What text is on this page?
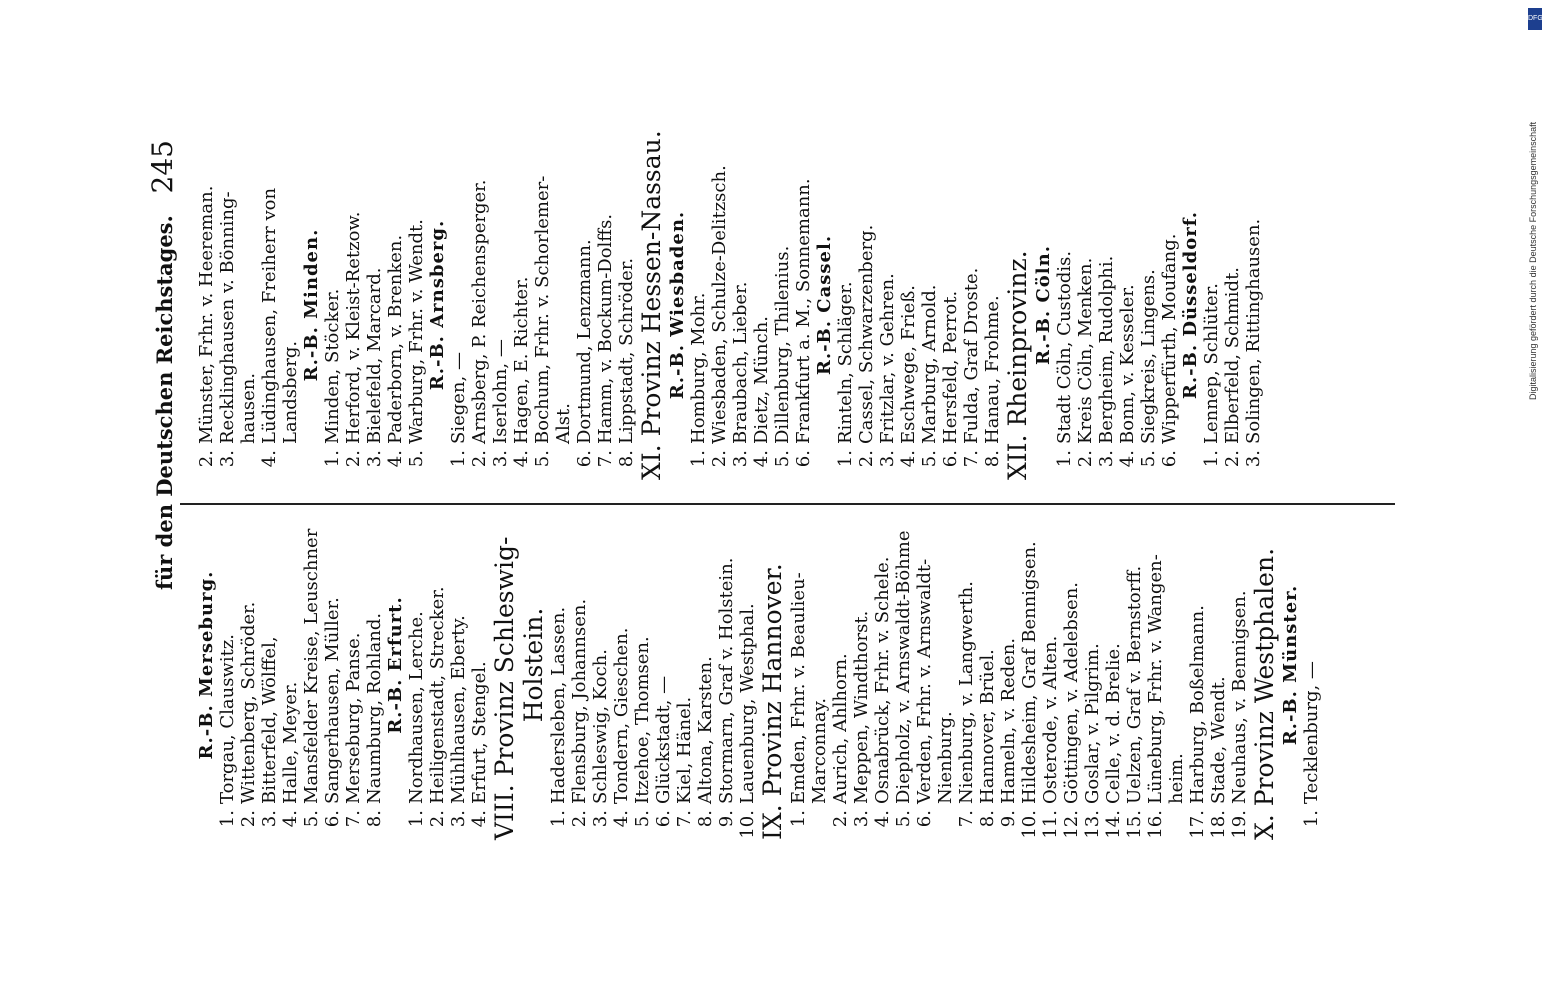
für den Deutschen Reichstages.
245
R.-B. Merseburg.
1.Torgau, Clauswitz.
2.Wittenberg, Schröder.
3.Bitterfeld, Wölffel,
4.Halle, Meyer.
5.Mansfelder Kreise, Leuschner
6.Sangerhausen, Müller.
7.Merseburg, Panse.
8.Naumburg, Rohland. R.-B. Erfurt.
1.Nordhausen, Lerche.
2.Heiligenstadt, Strecker.
3.Mühlhausen, Eberty.
4.Erfurt, Stengel. VIII. Provinz Schleswig- Holstein.
1.Hadersleben, Lassen.
2.Flensburg, Johannsen.
3.Schleswig, Koch.
4.Tondern, Gieschen.
5.Itzehoe, Thomsen.
6.Glückstadt, —
7.Kiel, Hänel.
8.Altona, Karsten.
9.Stormarn, Graf v. Holstein.
10.Lauenburg, Westphal. IX. Provinz Hannover. 1.Emden, Frhr. v. Beaulieu- Marconnay.
2.Aurich, Ahlhorn.
3.Meppen, Windthorst.
4.Osnabrück, Frhr. v. Schele.
5.Diepholz, v. Arnswaldt-Böhme
6.Verden, Frhr. v. Arnswaldt- Nienburg.
7.Nienburg, v. Langwerth.
8.Hannover, Brüel.
9.Hameln, v. Reden.
10.Hildesheim, Graf Bennigsen.
11.Osterode, v. Alten.
12.Göttingen, v. Adelebsen.
13.Goslar, v. Pilgrim.
14.Celle, v. d. Brelie.
15.Uelzen, Graf v. Bernstorff.
16.Lüneburg, Frhr. v. Wangen- heim.
17.Harburg, Boßelmann.
18.Stade, Wendt.
19.Neuhaus, v. Bennigsen. X. Provinz Westphalen. R.-B. Münster.
1.Tecklenburg, —
2.Münster, Frhr. v. Heereman.
3.Recklinghausen v. Bönning- hausen.
4.Lüdinghausen, Freiherr von Landsberg.
R.-B. Minden.
1.Minden, Stöcker.
2.Herford, v. Kleist-Retzow.
3.Bielefeld, Marcard.
4.Paderborn, v. Brenken.
5.Warburg, Frhr. v. Wendt. R.-B. Arnsberg.
1.Siegen, —
2.Arnsberg, P. Reichensperger.
3.Iserlohn, —
4.Hagen, E. Richter.
5.Bochum, Frhr. v. Schorlemer- Alst.
6.Dortmund, Lenzmann.
7.Hamm, v. Bockum-Dolffs.
8.Lippstadt, Schröder. XI. Provinz Hessen-Nassau. R.-B. Wiesbaden.
1.Homburg, Mohr.
2.Wiesbaden, Schulze-Delitzsch.
3.Braubach, Lieber.
4.Dietz, Münch.
5.Dillenburg, Thilenius.
6.Frankfurt a. M., Sonnemann. R.-B. Cassel.
1.Rinteln, Schläger.
2.Cassel, Schwarzenberg.
3.Fritzlar, v. Gehren.
4.Eschwege, Frieß.
5.Marburg, Arnold.
6.Hersfeld, Perrot.
7.Fulda, Graf Droste.
8.Hanau, Frohme. XII. Rheinprovinz. R.-B. Cöln.
1.Stadt Cöln, Custodis.
2.Kreis Cöln, Menken.
3.Bergheim, Rudolphi.
4.Bonn, v. Kesseler.
5.Siegkreis, Lingens.
6.Wipperfürth, Moufang. R.-B. Düsseldorf.
1.Lennep, Schlüter.
2.Elberfeld, Schmidt.
3.Solingen, Rittinghausen.
DFG
Digitalisierung gefördert durch die Deutsche Forschungsgemeinschaft
